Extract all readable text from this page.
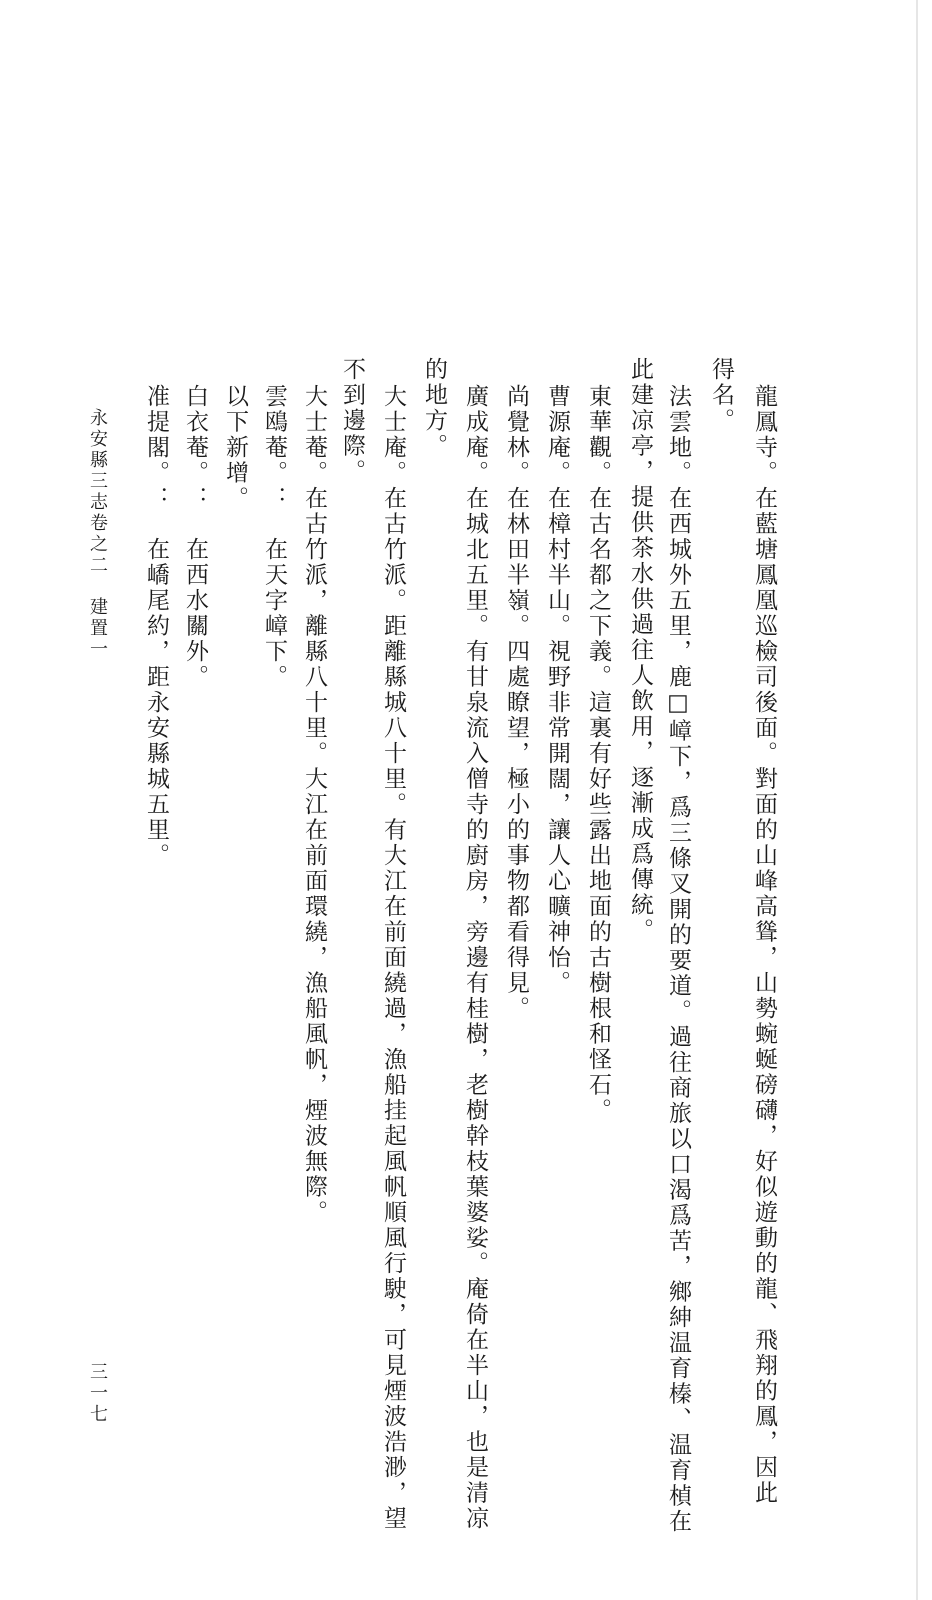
龍鳳寺。在藍塘鳳凰巡檢司後面。對面的山峰高聳，山勢蜿蜒磅礴，好似遊動的龍、飛翔的鳳，因此
得名。
法雲地。在西城外五里，鹿□嶂下，爲三條叉開的要道。過往商旅以口渴爲苦，鄉紳温育榛、温育楨在
此建凉亭，提供茶水供過往人飲用，逐漸成爲傳統。
東華觀。在古名都之下義。這裏有好些露出地面的古樹根和怪石。
曹源庵。在樟村半山。視野非常開闊，讓人心曠神怡。
尚覺林。在林田半嶺。四處瞭望，極小的事物都看得見。
廣成庵。在城北五里。有甘泉流入僧寺的廚房，旁邊有桂樹，老樹幹枝葉婆娑。庵倚在半山，也是清凉
的地方。
大士庵。在古竹派。距離縣城八十里。有大江在前面繞過，漁船挂起風帆順風行駛，可見煙波浩渺，望
不到邊際。
大士菴。在古竹派，離縣八十里。大江在前面環繞，漁船風帆，煙波無際。
雲鴎菴。：　在天字嶂下。
以下新增。
白衣菴。：　在西水關外。
准提閣。：　在嶠尾約，距永安縣城五里。
永安縣三志卷之二　建置一
三一七
